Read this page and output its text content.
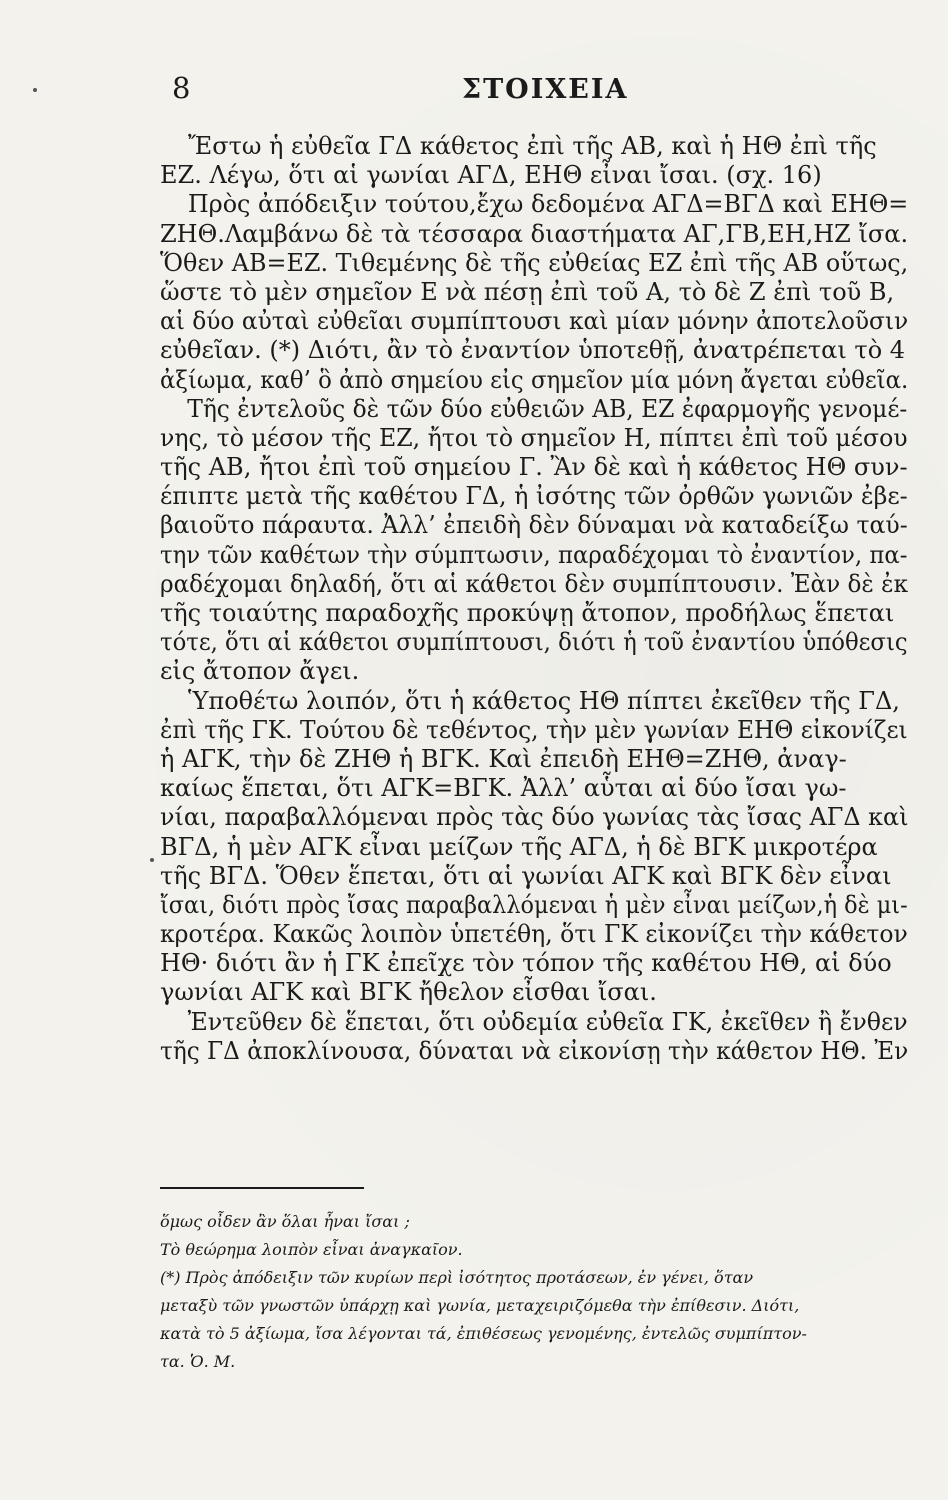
8	ΣΤΟΙΧΕΙΑ
Ἔστω ἡ εὐθεῖα ΓΔ κάθετος ἐπὶ τῆς ΑΒ, καὶ ἡ ΗΘ ἐπὶ τῆς
ΕΖ. Λέγω, ὅτι αἱ γωνίαι ΑΓΔ, ΕΗΘ εἶναι ἴσαι. (σχ. 16)
Πρὸς ἀπόδειξιν τούτου,ἔχω δεδομένα ΑΓΔ=ΒΓΔ καὶ ΕΗΘ=
ΖΗΘ.Λαμβάνω δὲ τὰ τέσσαρα διαστήματα ΑΓ,ΓΒ,ΕΗ,ΗΖ ἴσα.
Ὅθεν ΑΒ=ΕΖ. Τιθεμένης δὲ τῆς εὐθείας ΕΖ ἐπὶ τῆς ΑΒ οὕτως,
ὥστε τὸ μὲν σημεῖον Ε νὰ πέσῃ ἐπὶ τοῦ Α, τὸ δὲ Ζ ἐπὶ τοῦ Β,
αἱ δύο αὐταὶ εὐθεῖαι συμπίπτουσι καὶ μίαν μόνην ἀποτελοῦσιν
εὐθεῖαν. (*) Διότι, ἂν τὸ ἐναντίον ὑποτεθῇ, ἀνατρέπεται τὸ 4
ἀξίωμα, καθ’ ὃ ἀπὸ σημείου εἰς σημεῖον μία μόνη ἄγεται εὐθεῖα.
Τῆς ἐντελοῦς δὲ τῶν δύο εὐθειῶν ΑΒ, ΕΖ ἐφαρμογῆς γενομέ-
νης, τὸ μέσον τῆς ΕΖ, ἤτοι τὸ σημεῖον Η, πίπτει ἐπὶ τοῦ μέσου
τῆς ΑΒ, ἤτοι ἐπὶ τοῦ σημείου Γ. Ἂν δὲ καὶ ἡ κάθετος ΗΘ συν-
έπιπτε μετὰ τῆς καθέτου ΓΔ, ἡ ἰσότης τῶν ὀρθῶν γωνιῶν ἐβε-
βαιοῦτο πάραυτα. Ἀλλ’ ἐπειδὴ δὲν δύναμαι νὰ καταδείξω ταύ-
την τῶν καθέτων τὴν σύμπτωσιν, παραδέχομαι τὸ ἐναντίον, πα-
ραδέχομαι δηλαδή, ὅτι αἱ κάθετοι δὲν συμπίπτουσιν. Ἐὰν δὲ ἐκ
τῆς τοιαύτης παραδοχῆς προκύψῃ ἄτοπον, προδήλως ἕπεται
τότε, ὅτι αἱ κάθετοι συμπίπτουσι, διότι ἡ τοῦ ἐναντίου ὑπόθεσις
εἰς ἄτοπον ἄγει.
Ὑποθέτω λοιπόν, ὅτι ἡ κάθετος ΗΘ πίπτει ἐκεῖθεν τῆς ΓΔ,
ἐπὶ τῆς ΓΚ. Τούτου δὲ τεθέντος, τὴν μὲν γωνίαν ΕΗΘ εἰκονίζει
ἡ ΑΓΚ, τὴν δὲ ΖΗΘ ἡ ΒΓΚ. Καὶ ἐπειδὴ ΕΗΘ=ΖΗΘ, ἀναγ-
καίως ἕπεται, ὅτι ΑΓΚ=ΒΓΚ. Ἀλλ’ αὗται αἱ δύο ἴσαι γω-
νίαι, παραβαλλόμεναι πρὸς τὰς δύο γωνίας τὰς ἴσας ΑΓΔ καὶ
ΒΓΔ, ἡ μὲν ΑΓΚ εἶναι μείζων τῆς ΑΓΔ, ἡ δὲ ΒΓΚ μικροτέρα
τῆς ΒΓΔ. Ὅθεν ἕπεται, ὅτι αἱ γωνίαι ΑΓΚ καὶ ΒΓΚ δὲν εἶναι
ἴσαι, διότι πρὸς ἴσας παραβαλλόμεναι ἡ μὲν εἶναι μείζων,ἡ δὲ μι-
κροτέρα. Κακῶς λοιπὸν ὑπετέθη, ὅτι ΓΚ εἰκονίζει τὴν κάθετον
ΗΘ· διότι ἂν ἡ ΓΚ ἐπεῖχε τὸν τόπον τῆς καθέτου ΗΘ, αἱ δύο
γωνίαι ΑΓΚ καὶ ΒΓΚ ἤθελον εἶσθαι ἴσαι.
Ἐντεῦθεν δὲ ἕπεται, ὅτι οὐδεμία εὐθεῖα ΓΚ, ἐκεῖθεν ἢ ἔνθεν
τῆς ΓΔ ἀποκλίνουσα, δύναται νὰ εἰκονίσῃ τὴν κάθετον ΗΘ. Ἐν
ὅμως οἶδεν ἂν ὅλαι ἦναι ἴσαι ;
Τὸ θεώρημα λοιπὸν εἶναι ἀναγκαῖον.
(*) Πρὸς ἀπόδειξιν τῶν κυρίων περὶ ἰσότητος προτάσεων, ἐν γένει, ὅταν
μεταξὺ τῶν γνωστῶν ὑπάρχῃ καὶ γωνία, μεταχειριζόμεθα τὴν ἐπίθεσιν. Διότι,
κατὰ τὸ 5 ἀξίωμα, ἴσα λέγονται τά, ἐπιθέσεως γενομένης, ἐντελῶς συμπίπτον-
τα. Ὁ. Μ.
